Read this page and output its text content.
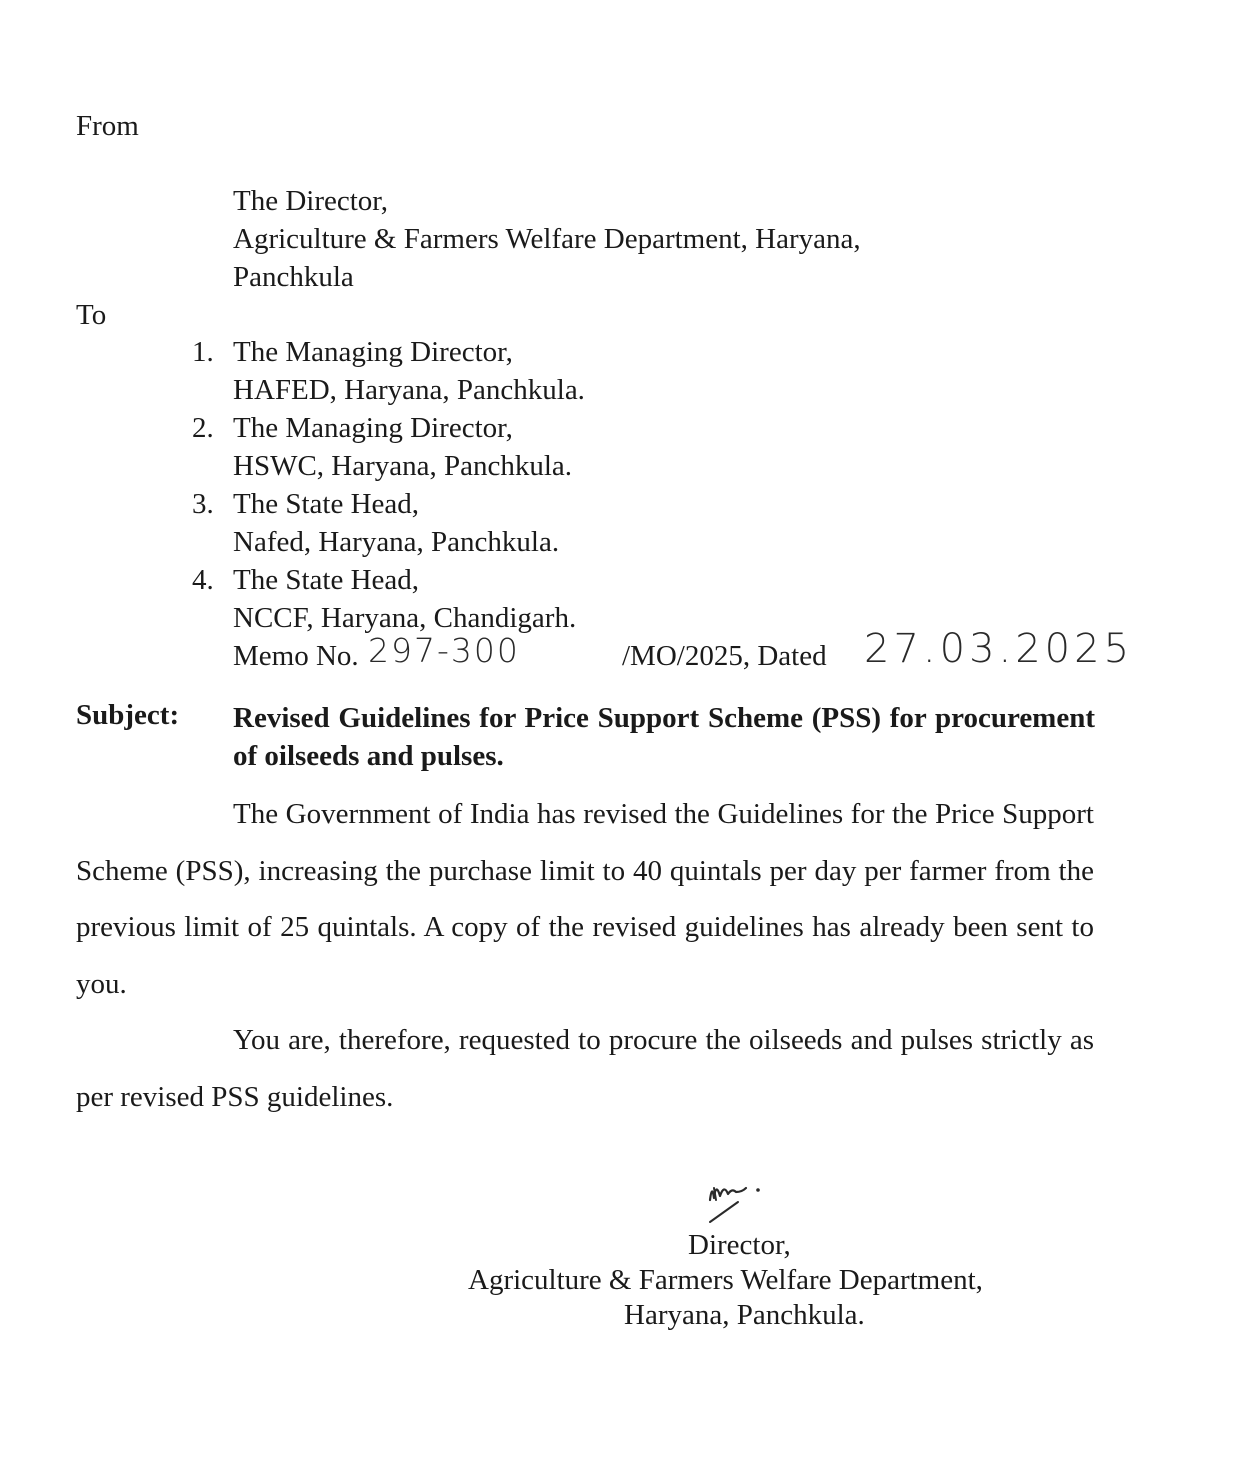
From
The Director,
Agriculture & Farmers Welfare Department, Haryana,
Panchkula
To
1. The Managing Director,
HAFED, Haryana, Panchkula.
2. The Managing Director,
HSWC, Haryana, Panchkula.
3. The State Head,
Nafed, Haryana, Panchkula.
4. The State Head,
NCCF, Haryana, Chandigarh.
Memo No. 297-300	/MO/2025, Dated 27.03.2025
Subject: Revised Guidelines for Price Support Scheme (PSS) for procurement of oilseeds and pulses.
The Government of India has revised the Guidelines for the Price Support Scheme (PSS), increasing the purchase limit to 40 quintals per day per farmer from the previous limit of 25 quintals. A copy of the revised guidelines has already been sent to you.
You are, therefore, requested to procure the oilseeds and pulses strictly as per revised PSS guidelines.
Director,
Agriculture & Farmers Welfare Department,
Haryana, Panchkula.
